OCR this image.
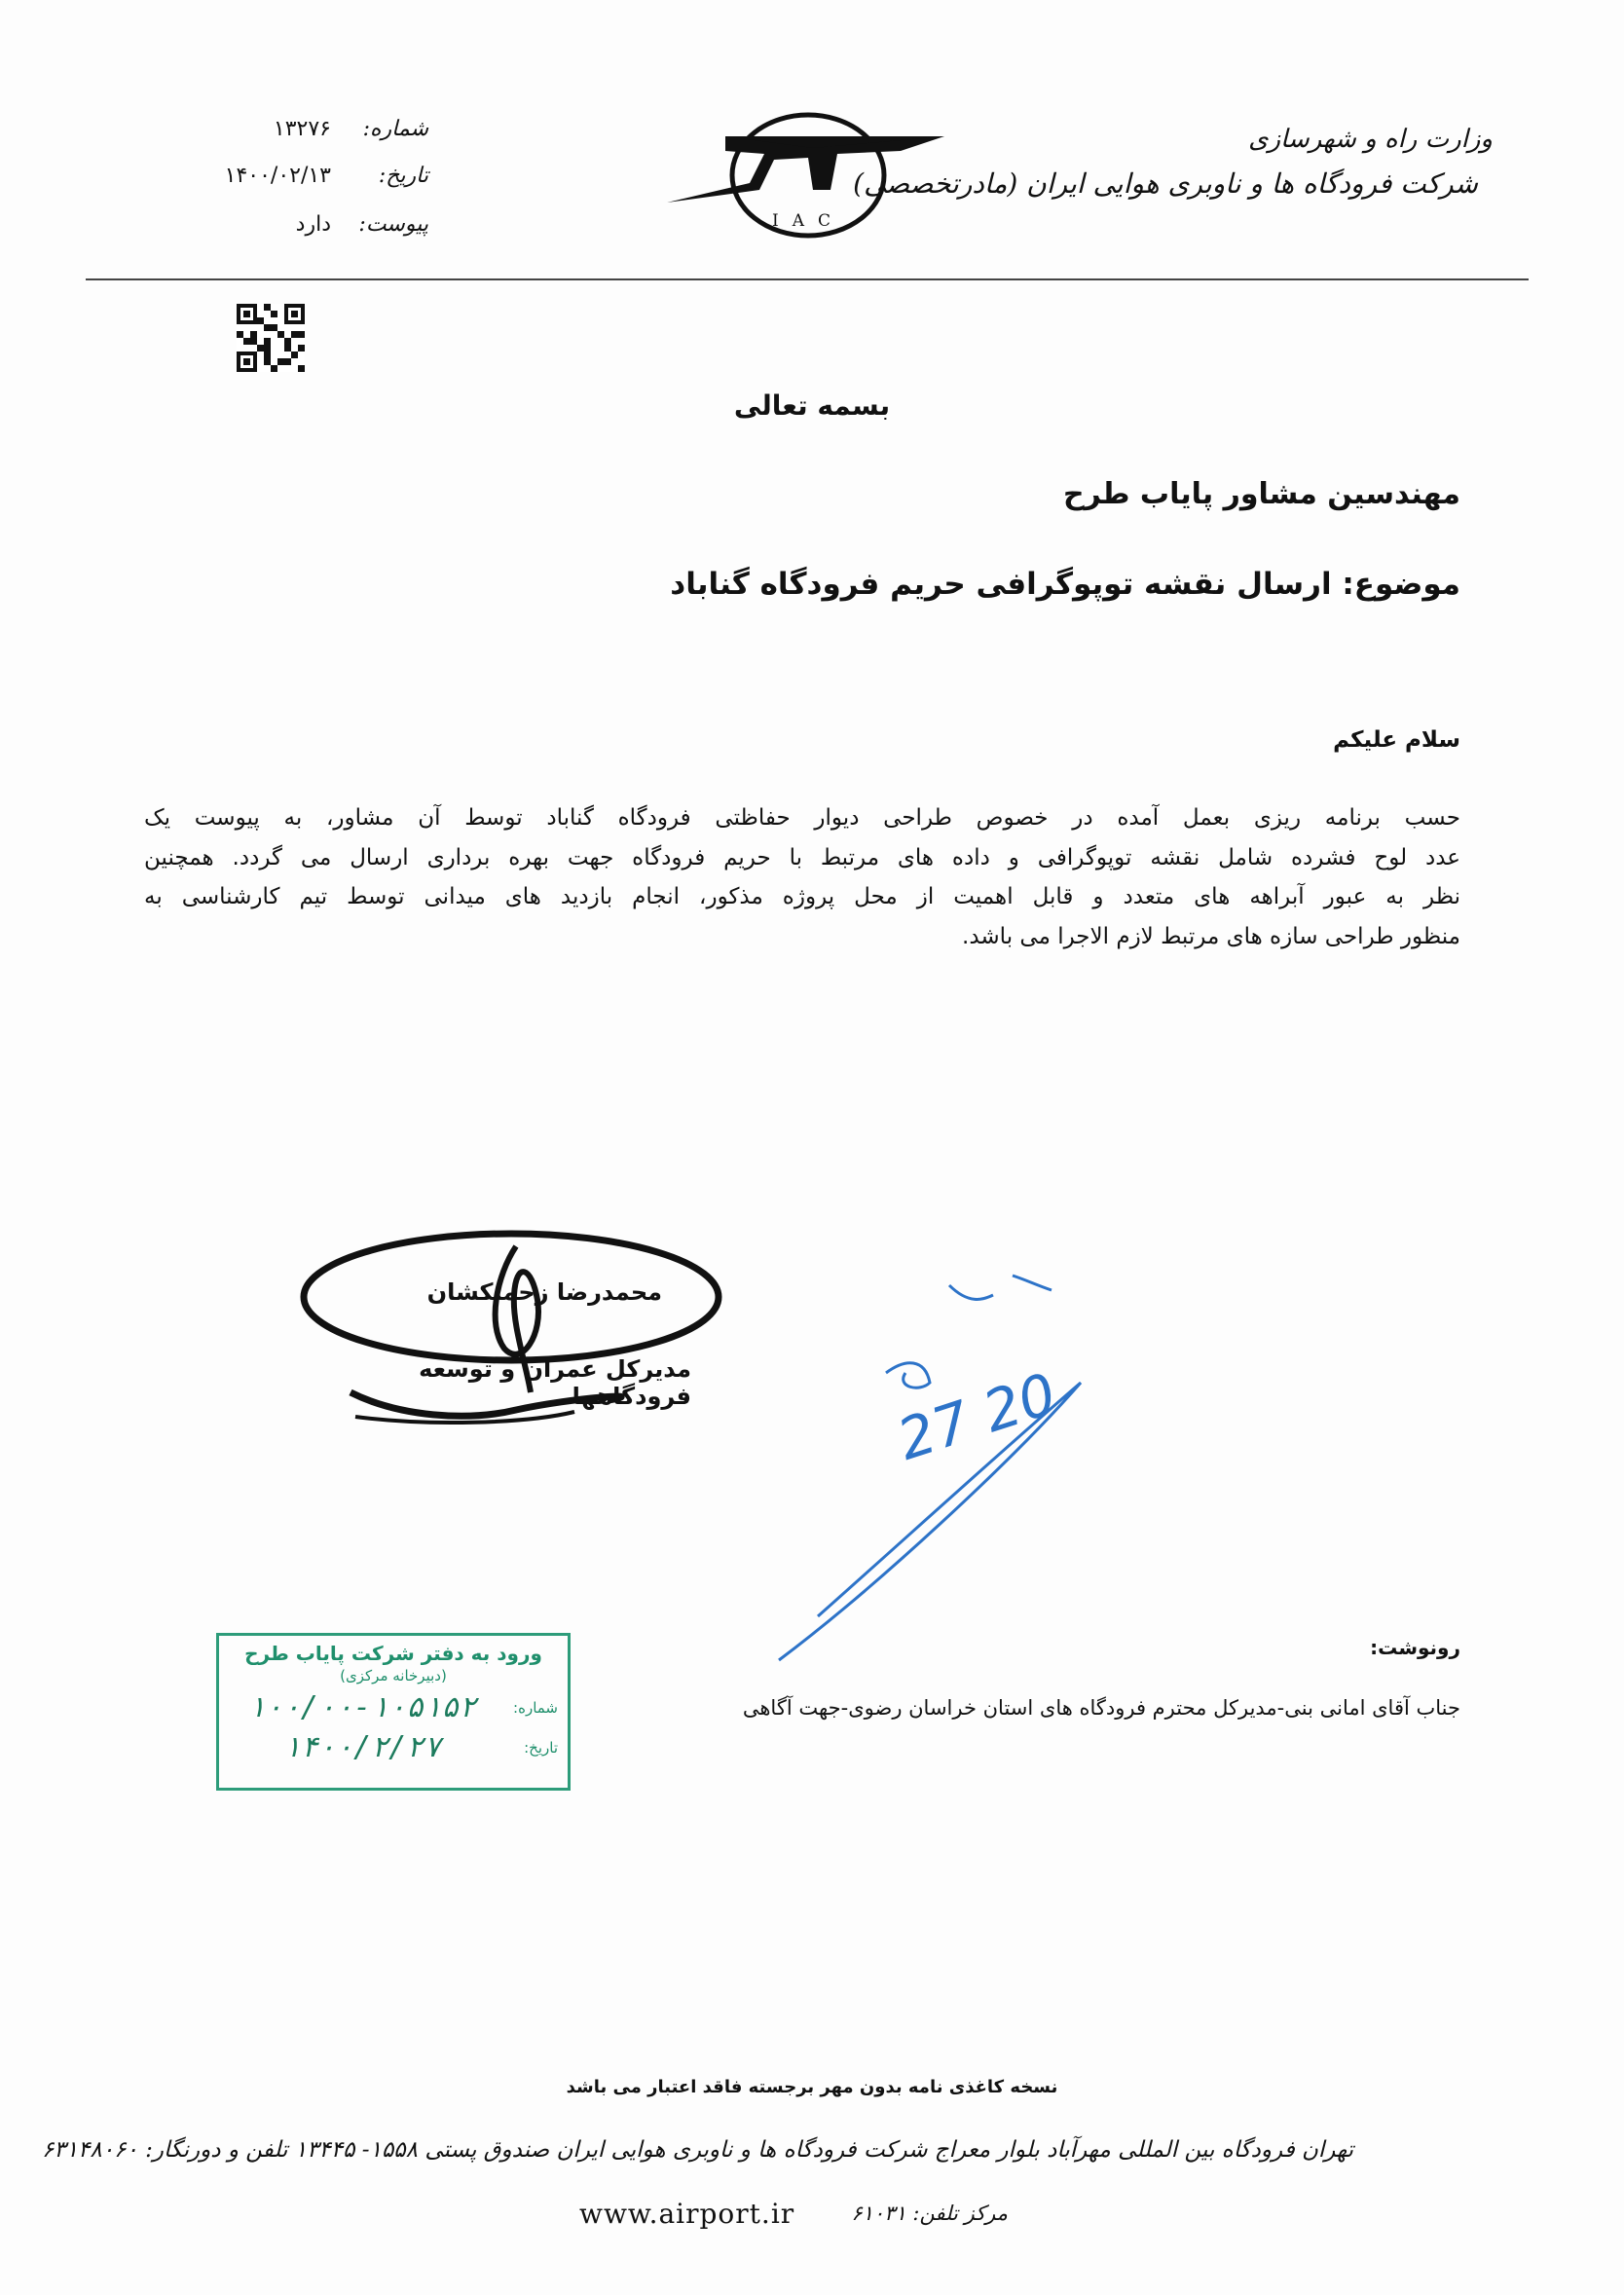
وزارت راه و شهرسازی
شرکت فرودگاه ها و ناوبری هوایی ایران (مادرتخصصی)
IAC
شماره:
۱۳۲۷۶
تاریخ:
۱۴۰۰/۰۲/۱۳
پیوست:
دارد
بسمه تعالی
مهندسین مشاور پایاب طرح
موضوع: ارسال نقشه توپوگرافی حریم فرودگاه گناباد
سلام علیکم
حسب برنامه ریزی بعمل آمده در خصوص طراحی دیوار حفاظتی فرودگاه گناباد توسط آن مشاور، به پیوست یک
عدد لوح فشرده شامل نقشه توپوگرافی و داده های مرتبط با حریم فرودگاه جهت بهره برداری ارسال می گردد. همچنین
نظر به عبور آبراهه های متعدد و قابل اهمیت از محل پروژه مذکور، انجام بازدید های میدانی توسط تیم کارشناسی به
منظور طراحی سازه های مرتبط لازم الاجرا می باشد.
محمدرضا زحمتکشان
مدیرکل عمران و توسعه فرودگاهها	27 20
ورود به دفتر شرکت پایاب طرح
(دبیرخانه مرکزی)
شماره:
۱۰۰/۰۰-۱۰۵۱۵۲
تاریخ:
۱۴۰۰/۲/۲۷
رونوشت:
جناب آقای امانی بنی-مدیرکل محترم فرودگاه های استان خراسان رضوی-جهت آگاهی
نسخه کاغذی نامه بدون مهر برجسته فاقد اعتبار می باشد
تهران فرودگاه بین المللی مهرآباد بلوار معراج شرکت فرودگاه ها و ناوبری هوایی ایران صندوق پستی ۱۵۵۸- ۱۳۴۴۵ تلفن و دورنگار: ۶۳۱۴۸۰۶۰
مرکز تلفن: ۶۱۰۳۱
www.airport.ir
